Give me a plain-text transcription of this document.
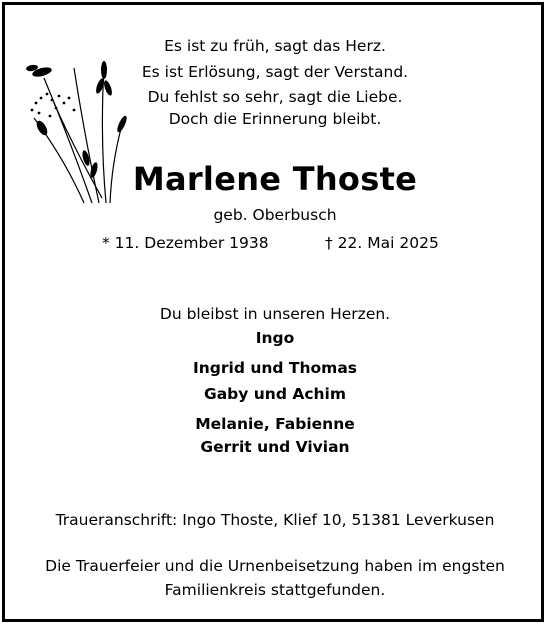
Es ist zu früh, sagt das Herz.
Es ist Erlösung, sagt der Verstand.
Du fehlst so sehr, sagt die Liebe.
Doch die Erinnerung bleibt.
Marlene Thoste
geb. Oberbusch
* 11. Dezember 1938	† 22. Mai 2025
Du bleibst in unseren Herzen.
Ingo
Ingrid und Thomas
Gaby und Achim
Melanie, Fabienne
Gerrit und Vivian
Traueranschrift: Ingo Thoste, Klief 10, 51381 Leverkusen
Die Trauerfeier und die Urnenbeisetzung haben im engsten
Familienkreis stattgefunden.
